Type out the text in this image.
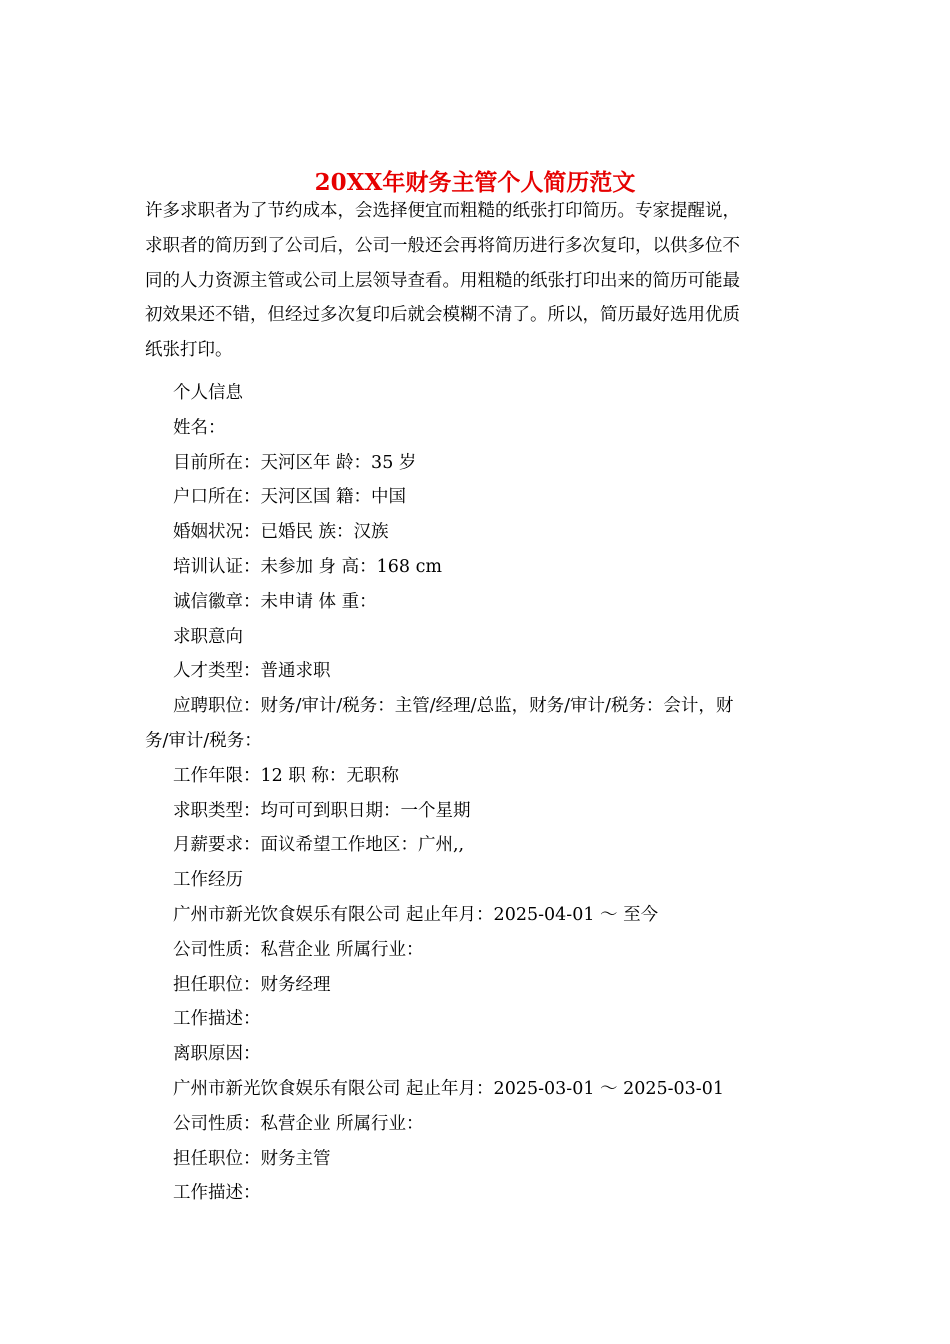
20XX年财务主管个人简历范文
许多求职者为了节约成本，会选择便宜而粗糙的纸张打印简历。专家提醒说，
求职者的简历到了公司后，公司一般还会再将简历进行多次复印，以供多位不
同的人力资源主管或公司上层领导查看。用粗糙的纸张打印出来的简历可能最
初效果还不错，但经过多次复印后就会模糊不清了。所以，简历最好选用优质
纸张打印。
个人信息
姓名：
目前所在：天河区年 龄：35 岁
户口所在：天河区国 籍：中国
婚姻状况：已婚民 族：汉族
培训认证：未参加 身 高：168 cm
诚信徽章：未申请 体 重：
求职意向
人才类型：普通求职
应聘职位：财务/审计/税务：主管/经理/总监，财务/审计/税务：会计，财
务/审计/税务：
工作年限：12 职 称：无职称
求职类型：均可可到职日期：一个星期
月薪要求：面议希望工作地区：广州,,
工作经历
广州市新光饮食娱乐有限公司 起止年月：2025-04-01 ～ 至今
公司性质：私营企业 所属行业：
担任职位：财务经理
工作描述：
离职原因：
广州市新光饮食娱乐有限公司 起止年月：2025-03-01 ～ 2025-03-01
公司性质：私营企业 所属行业：
担任职位：财务主管
工作描述：
